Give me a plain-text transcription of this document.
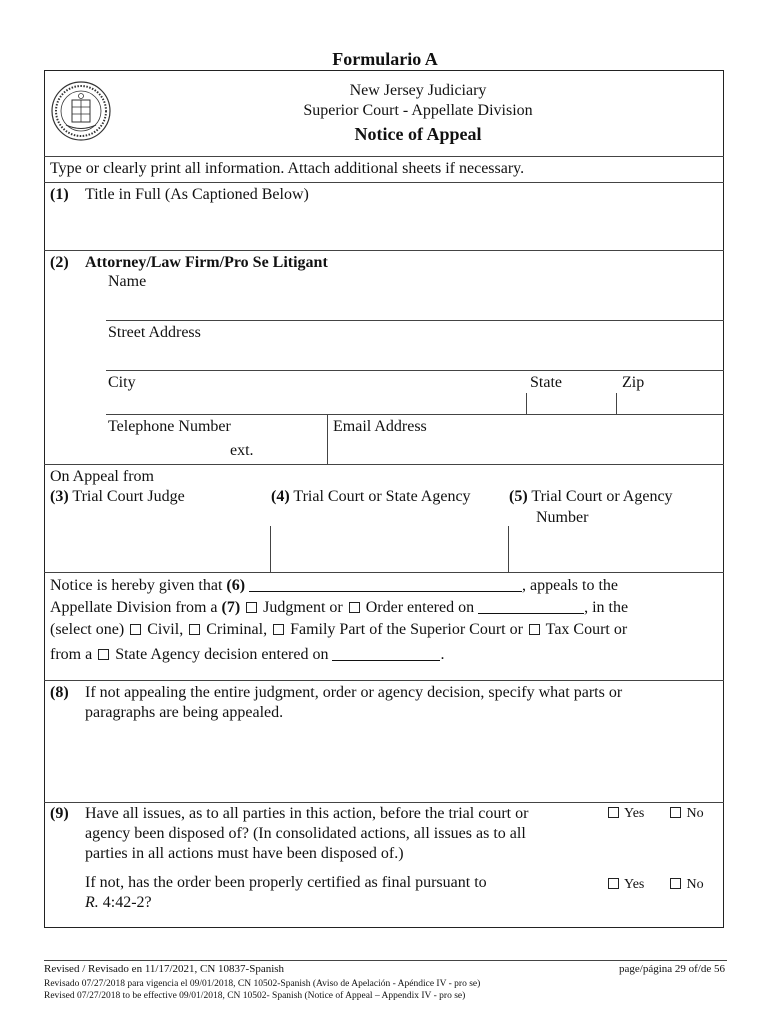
Formulario A
New Jersey Judiciary
Superior Court - Appellate Division
Notice of Appeal
Type or clearly print all information. Attach additional sheets if necessary.
(1) Title in Full (As Captioned Below)
(2) Attorney/Law Firm/Pro Se Litigant
Name
Street Address
City	State	Zip
Telephone Number
ext.
Email Address
On Appeal from
(3) Trial Court Judge	(4) Trial Court or State Agency (5) Trial Court or Agency
Number
Notice is hereby given that (6)	, appeals to the
Appellate Division from a (7) Judgment or Order entered on	, in the
(select one) Civil, Criminal, Family Part of the Superior Court or Tax Court or
from a State Agency decision entered on	.
(8) If not appealing the entire judgment, order or agency decision, specify what parts or
paragraphs are being appealed.
(9) Have all issues, as to all parties in this action, before the trial court or
agency been disposed of? (In consolidated actions, all issues as to all
parties in all actions must have been disposed of.)
Yes	No
If not, has the order been properly certified as final pursuant to
R. 4:42-2?
Yes	No
Revised / Revisado en 11/17/2021, CN 10837-Spanish	page/página 29 of/de 56
Revisado 07/27/2018 para vigencia el 09/01/2018, CN 10502-Spanish (Aviso de Apelación - Apéndice IV - pro se)
Revised 07/27/2018 to be effective 09/01/2018, CN 10502- Spanish (Notice of Appeal – Appendix IV - pro se)
